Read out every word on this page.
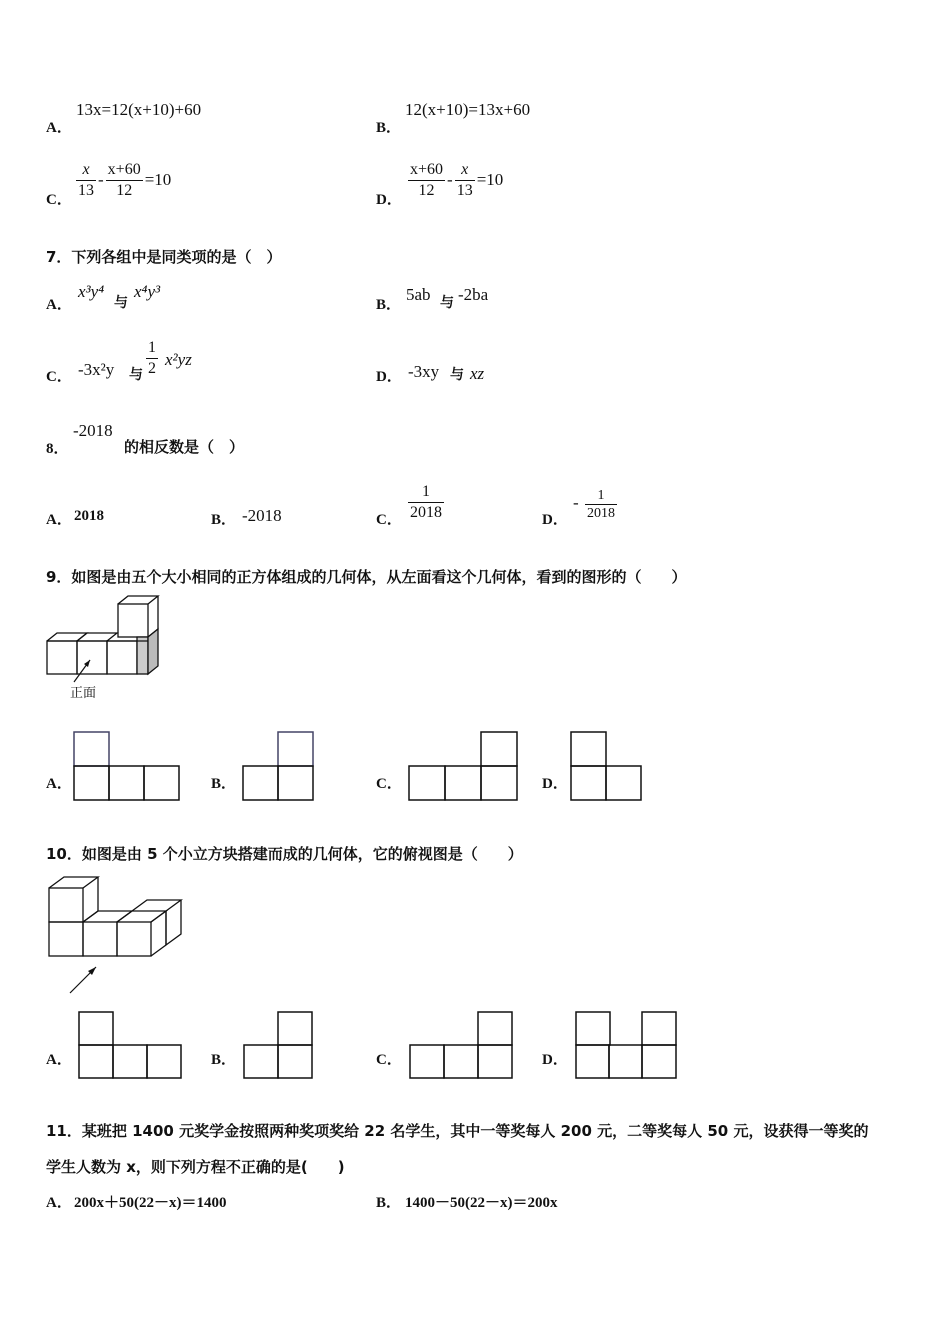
A．
13x=12(x+10)+60
B．
12(x+10)=13x+60
C． $\frac{x}{13} - \frac{x+60}{12} =10$
D． $\frac{x+60}{12} - \frac{x}{13} =10$
7．下列各组中是同类项的是（　）
A．
x³y⁴
与
x⁴y³
B．
5ab 与 -2ba
C． -3x²y 与 $\frac{1}{2} x^2yz$
D． -3xy 与 xz
8．
-2018
的相反数是（　）
A． 2018	B． -2018	C． $\frac{1}{2018}$	D．
- $\frac{1}{2018}$
9．如图是由五个大小相同的正方体组成的几何体，从左面看这个几何体，看到的图形的（　　）
正面
A．	B．	C．	D．
10．如图是由 5 个小立方块搭建而成的几何体，它的俯视图是（　　）
A．	B．	C．	D．
11．某班把 1400 元奖学金按照两种奖项奖给 22 名学生，其中一等奖每人 200 元，二等奖每人 50 元，设获得一等奖的
学生人数为 x，则下列方程不正确的是(　　)
A． 200x＋50(22－x)＝1400	B． 1400－50(22－x)＝200x
